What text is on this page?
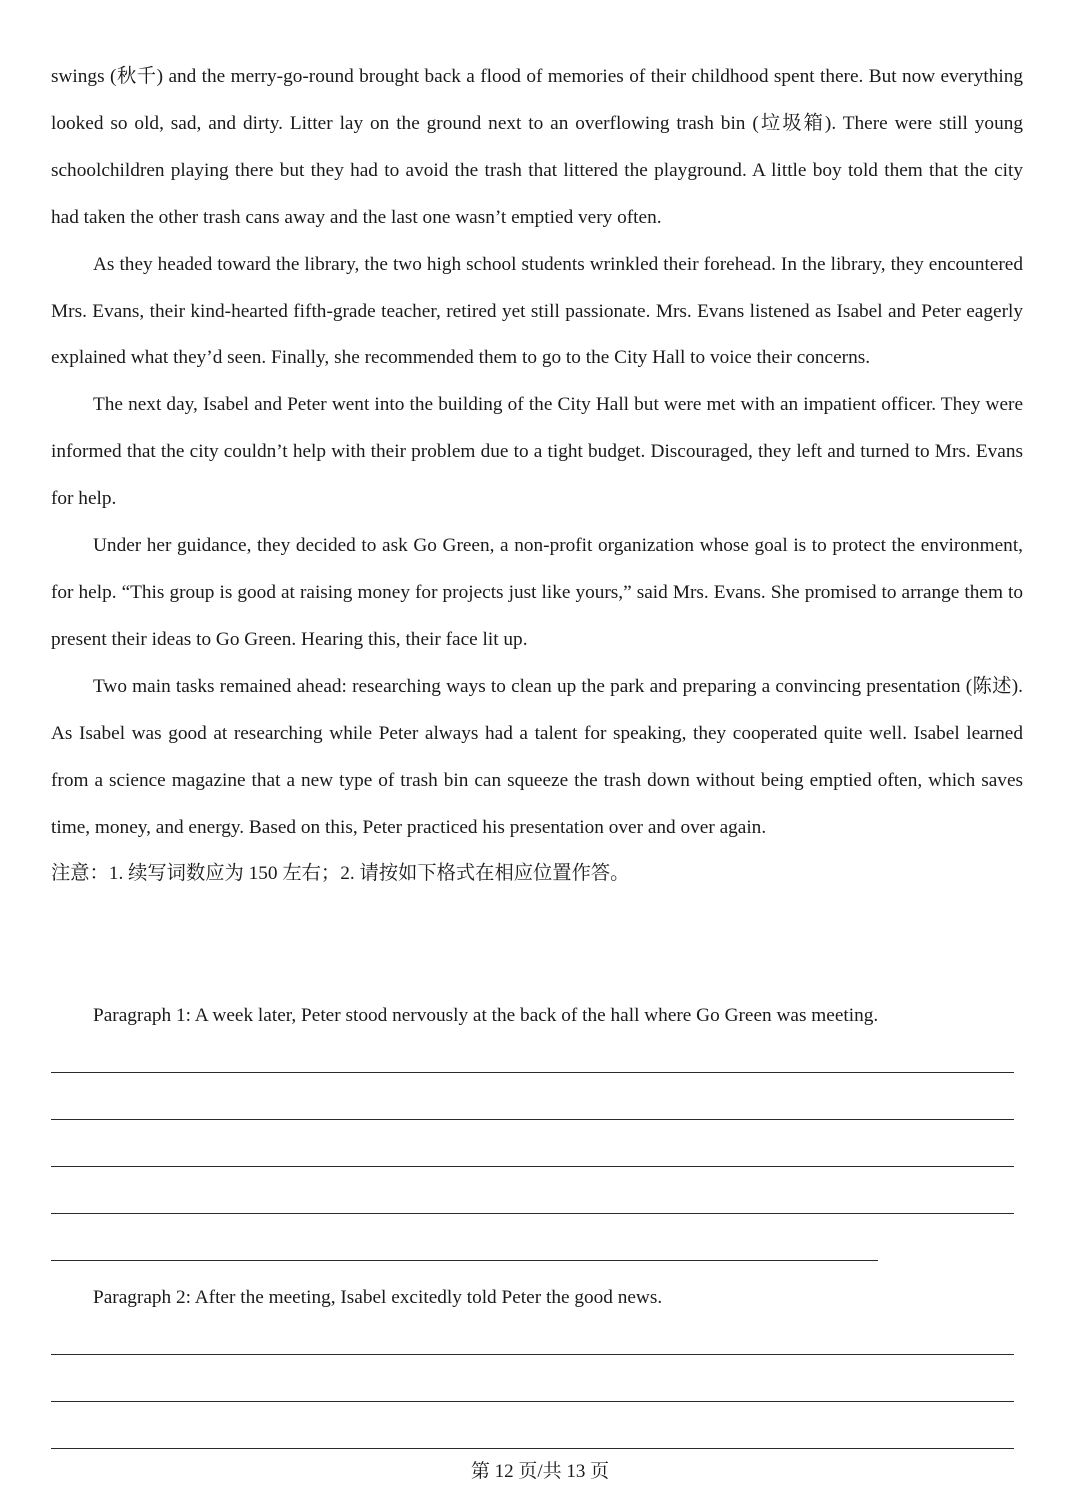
swings (秋千) and the merry-go-round brought back a flood of memories of their childhood spent there. But now everything looked so old, sad, and dirty. Litter lay on the ground next to an overflowing trash bin (垃圾箱). There were still young schoolchildren playing there but they had to avoid the trash that littered the playground. A little boy told them that the city had taken the other trash cans away and the last one wasn’t emptied very often.

As they headed toward the library, the two high school students wrinkled their forehead. In the library, they encountered Mrs. Evans, their kind-hearted fifth-grade teacher, retired yet still passionate. Mrs. Evans listened as Isabel and Peter eagerly explained what they’d seen. Finally, she recommended them to go to the City Hall to voice their concerns.

The next day, Isabel and Peter went into the building of the City Hall but were met with an impatient officer. They were informed that the city couldn’t help with their problem due to a tight budget. Discouraged, they left and turned to Mrs. Evans for help.

Under her guidance, they decided to ask Go Green, a non-profit organization whose goal is to protect the environment, for help. “This group is good at raising money for projects just like yours,” said Mrs. Evans. She promised to arrange them to present their ideas to Go Green. Hearing this, their face lit up.

Two main tasks remained ahead: researching ways to clean up the park and preparing a convincing presentation (陈述). As Isabel was good at researching while Peter always had a talent for speaking, they cooperated quite well. Isabel learned from a science magazine that a new type of trash bin can squeeze the trash down without being emptied often, which saves time, money, and energy. Based on this, Peter practiced his presentation over and over again.

注意：1. 续写词数应为 150 左右；2. 请按如下格式在相应位置作答。

Paragraph 1: A week later, Peter stood nervously at the back of the hall where Go Green was meeting.
Paragraph 2: After the meeting, Isabel excitedly told Peter the good news.
第 12 页/共 13 页
